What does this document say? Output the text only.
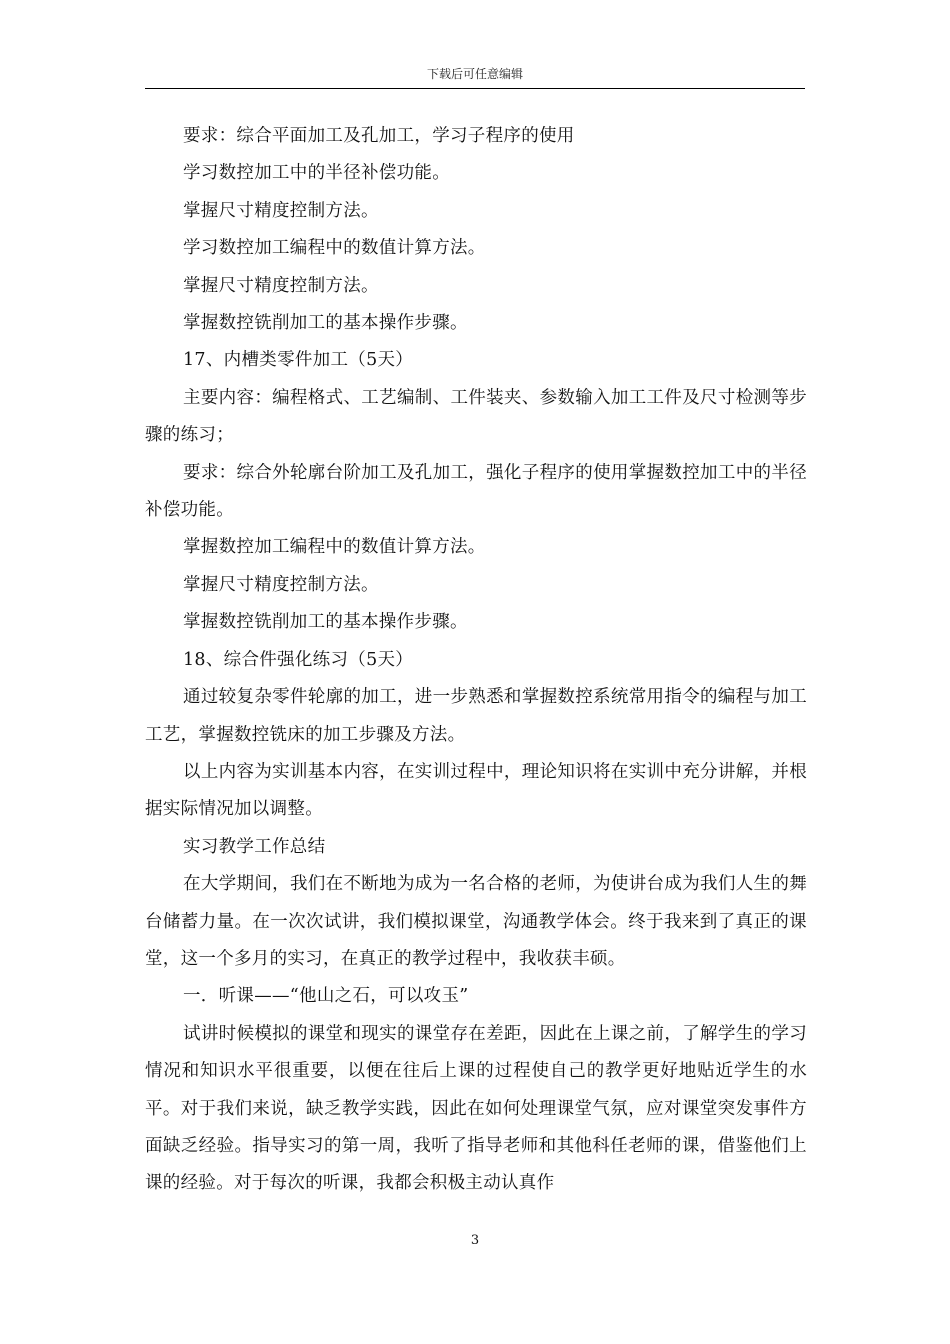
下载后可任意编辑

要求：综合平面加工及孔加工，学习子程序的使用

学习数控加工中的半径补偿功能。

掌握尺寸精度控制方法。

学习数控加工编程中的数值计算方法。

掌握尺寸精度控制方法。

掌握数控铣削加工的基本操作步骤。

17、内槽类零件加工（5天）

主要内容：编程格式、工艺编制、工件装夹、参数输入加工工件及尺寸检测等步骤的练习；

要求：综合外轮廓台阶加工及孔加工，强化子程序的使用掌握数控加工中的半径补偿功能。

掌握数控加工编程中的数值计算方法。

掌握尺寸精度控制方法。

掌握数控铣削加工的基本操作步骤。

18、综合件强化练习（5天）

通过较复杂零件轮廓的加工，进一步熟悉和掌握数控系统常用指令的编程与加工工艺，掌握数控铣床的加工步骤及方法。

以上内容为实训基本内容，在实训过程中，理论知识将在实训中充分讲解，并根据实际情况加以调整。

实习教学工作总结

在大学期间，我们在不断地为成为一名合格的老师，为使讲台成为我们人生的舞台储蓄力量。在一次次试讲，我们模拟课堂，沟通教学体会。终于我来到了真正的课堂，这一个多月的实习，在真正的教学过程中，我收获丰硕。

一．听课——“他山之石，可以攻玉”

试讲时候模拟的课堂和现实的课堂存在差距，因此在上课之前，了解学生的学习情况和知识水平很重要，以便在往后上课的过程使自己的教学更好地贴近学生的水平。对于我们来说，缺乏教学实践，因此在如何处理课堂气氛，应对课堂突发事件方面缺乏经验。指导实习的第一周，我听了指导老师和其他科任老师的课，借鉴他们上课的经验。对于每次的听课，我都会积极主动认真作

3
